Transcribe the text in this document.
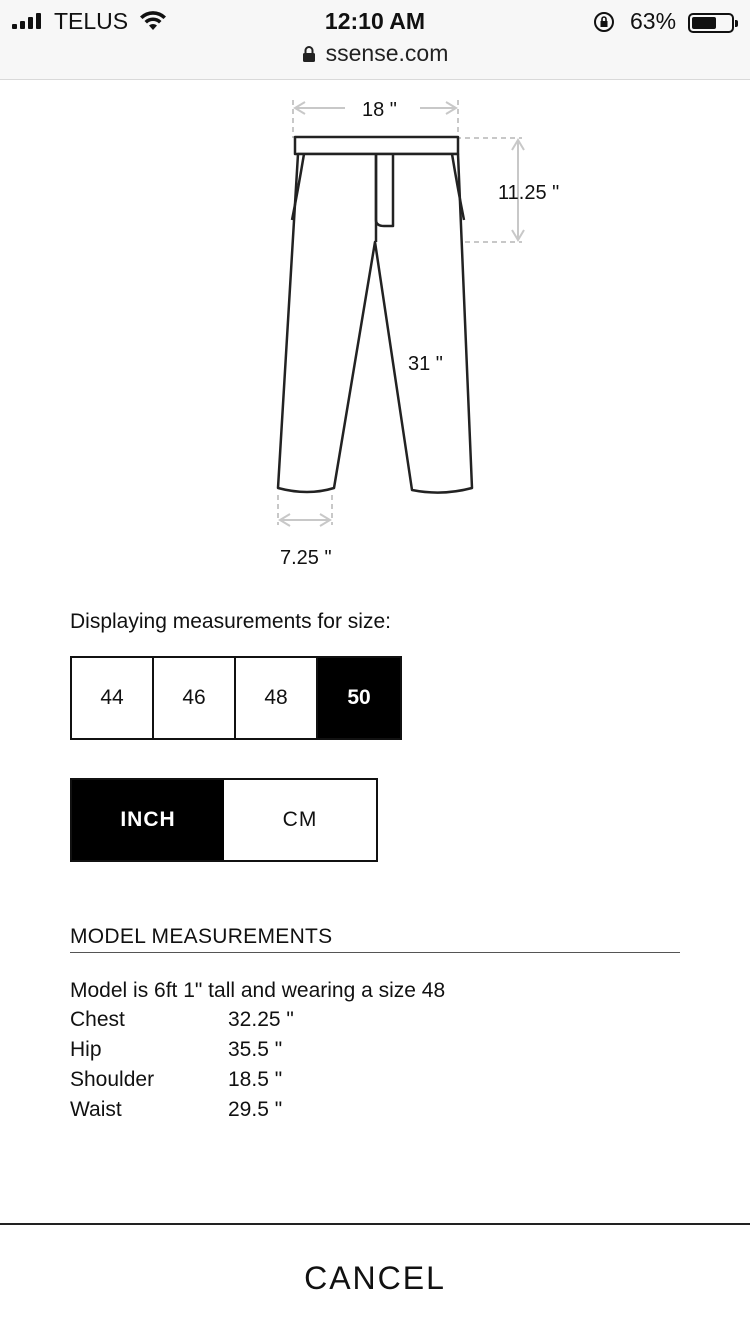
TELUS	12:10 AM	63%
ssense.com
18 "
11.25 "
31 "
7.25 "
Displaying measurements for size:
44	46	48	50
INCH	CM
MODEL MEASUREMENTS
Model is 6ft 1" tall and wearing a size 48
Chest	32.25 "
Hip	35.5 "
Shoulder	18.5 "
Waist	29.5 "
CANCEL
